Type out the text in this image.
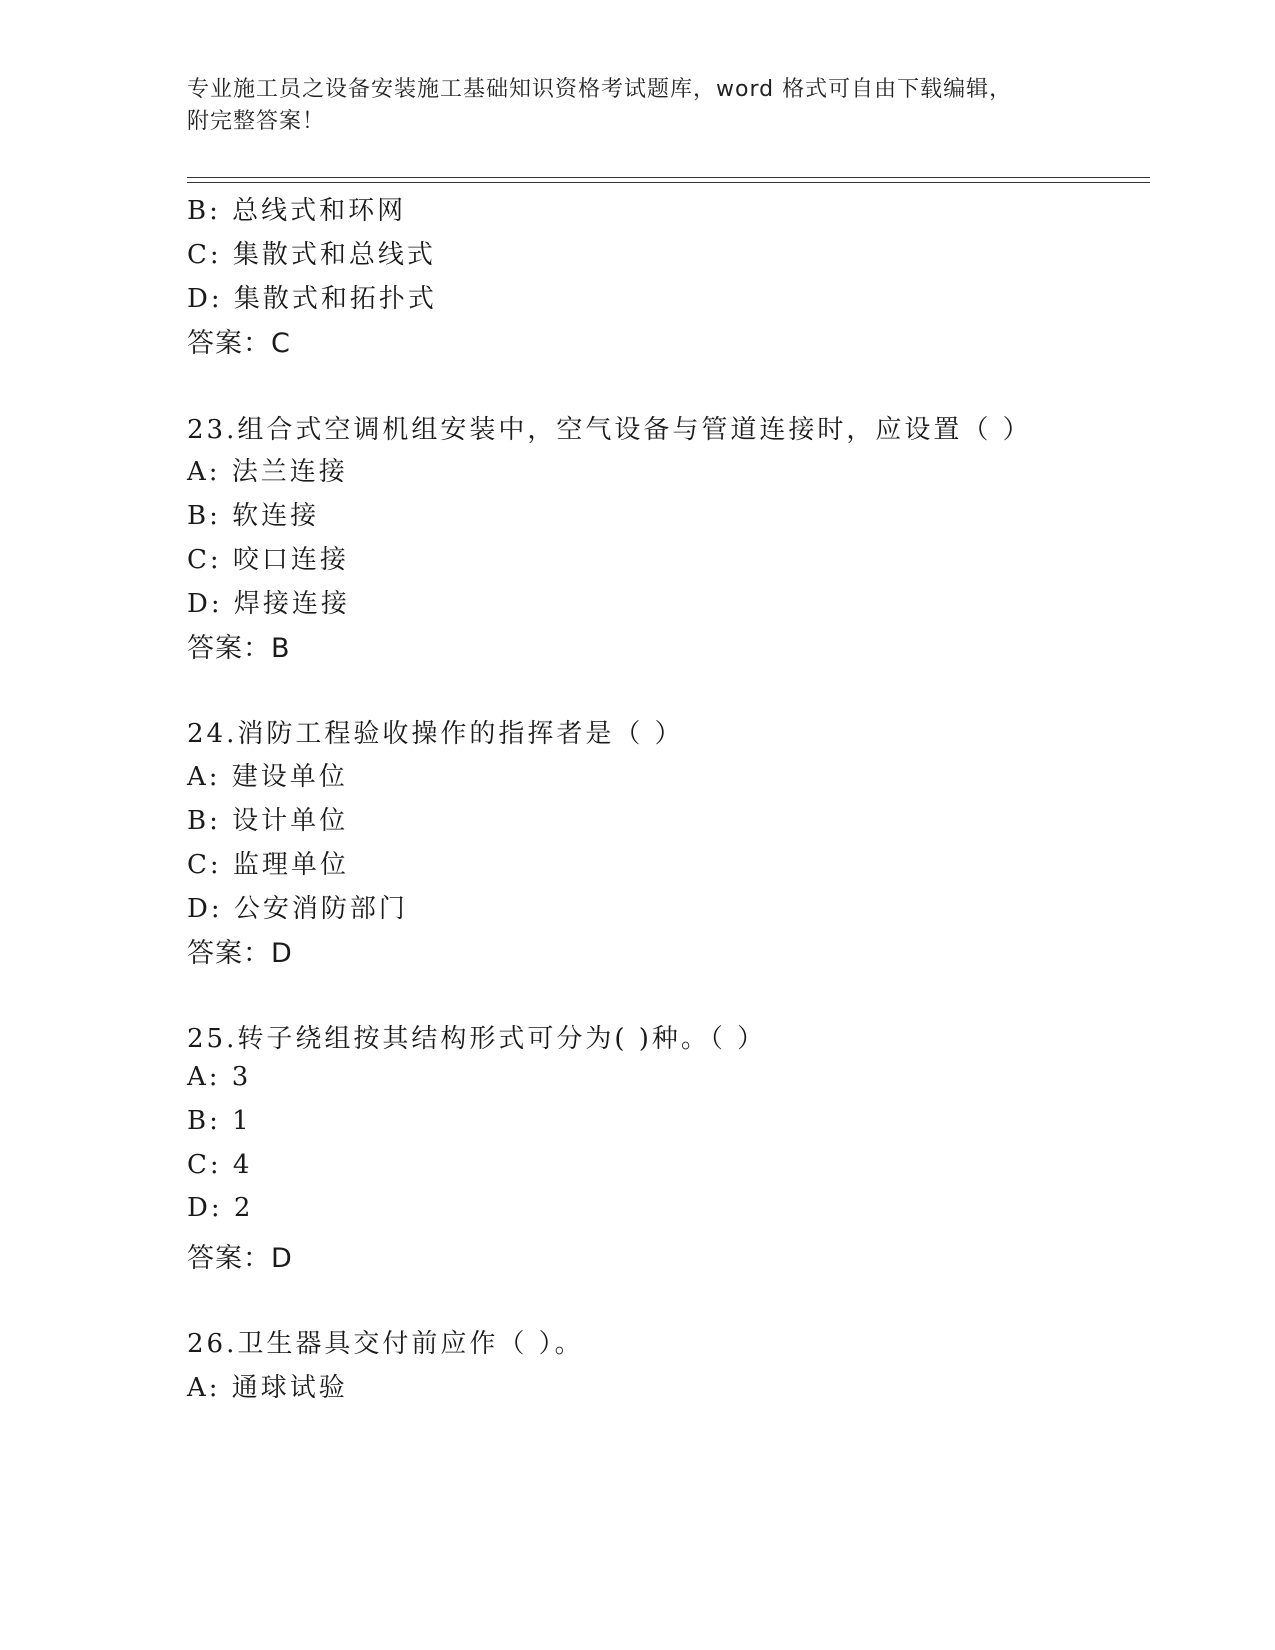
专业施工员之设备安装施工基础知识资格考试题库，word 格式可自由下载编辑，
附完整答案！
B: 总线式和环网
C: 集散式和总线式
D: 集散式和拓扑式
答案：C
23.组合式空调机组安装中，空气设备与管道连接时，应设置（ ）
A: 法兰连接
B: 软连接
C: 咬口连接
D: 焊接连接
答案：B
24.消防工程验收操作的指挥者是（ ）
A: 建设单位
B: 设计单位
C: 监理单位
D: 公安消防部门
答案：D
25.转子绕组按其结构形式可分为( )种。（ ）
A: 3
B: 1
C: 4
D: 2
答案：D
26.卫生器具交付前应作（ ）。
A: 通球试验
